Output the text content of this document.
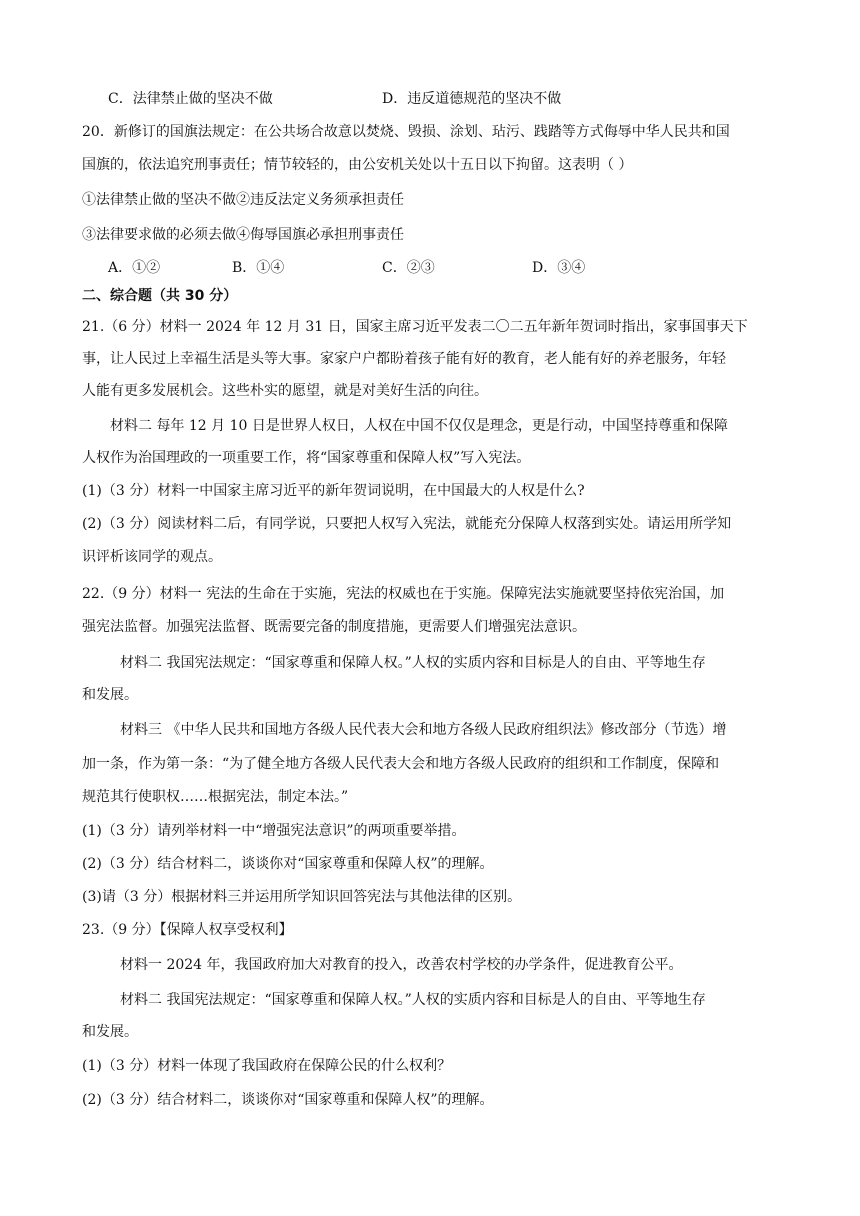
C．法律禁止做的坚决不做	D．违反道德规范的坚决不做
20．新修订的国旗法规定：在公共场合故意以焚烧、毁损、涂划、玷污、践踏等方式侮辱中华人民共和国
国旗的，依法追究刑事责任；情节较轻的，由公安机关处以十五日以下拘留。这表明（ ）
①法律禁止做的坚决不做②违反法定义务须承担责任
③法律要求做的必须去做④侮辱国旗必承担刑事责任
A．①②	B．①④	C．②③	D．③④
二、综合题（共 30 分）
21.（6 分）材料一 2024 年 12 月 31 日，国家主席习近平发表二〇二五年新年贺词时指出，家事国事天下
事，让人民过上幸福生活是头等大事。家家户户都盼着孩子能有好的教育，老人能有好的养老服务，年轻
人能有更多发展机会。这些朴实的愿望，就是对美好生活的向往。
材料二 每年 12 月 10 日是世界人权日，人权在中国不仅仅是理念，更是行动，中国坚持尊重和保障
人权作为治国理政的一项重要工作，将“国家尊重和保障人权”写入宪法。
(1)（3 分）材料一中国家主席习近平的新年贺词说明，在中国最大的人权是什么?
(2)（3 分）阅读材料二后，有同学说，只要把人权写入宪法，就能充分保障人权落到实处。请运用所学知
识评析该同学的观点。
22.（9 分）材料一 宪法的生命在于实施，宪法的权威也在于实施。保障宪法实施就要坚持依宪治国，加
强宪法监督。加强宪法监督、既需要完备的制度措施，更需要人们增强宪法意识。
材料二 我国宪法规定：“国家尊重和保障人权。”人权的实质内容和目标是人的自由、平等地生存
和发展。
材料三 《中华人民共和国地方各级人民代表大会和地方各级人民政府组织法》修改部分（节选）增
加一条，作为第一条：“为了健全地方各级人民代表大会和地方各级人民政府的组织和工作制度，保障和
规范其行使职权……根据宪法，制定本法。”
(1)（3 分）请列举材料一中“增强宪法意识”的两项重要举措。
(2)（3 分）结合材料二，谈谈你对“国家尊重和保障人权”的理解。
(3)请（3 分）根据材料三并运用所学知识回答宪法与其他法律的区别。
23.（9 分）【保障人权享受权利】
材料一 2024 年，我国政府加大对教育的投入，改善农村学校的办学条件，促进教育公平。
材料二 我国宪法规定：“国家尊重和保障人权。”人权的实质内容和目标是人的自由、平等地生存
和发展。
(1)（3 分）材料一体现了我国政府在保障公民的什么权利？
(2)（3 分）结合材料二，谈谈你对“国家尊重和保障人权”的理解。
